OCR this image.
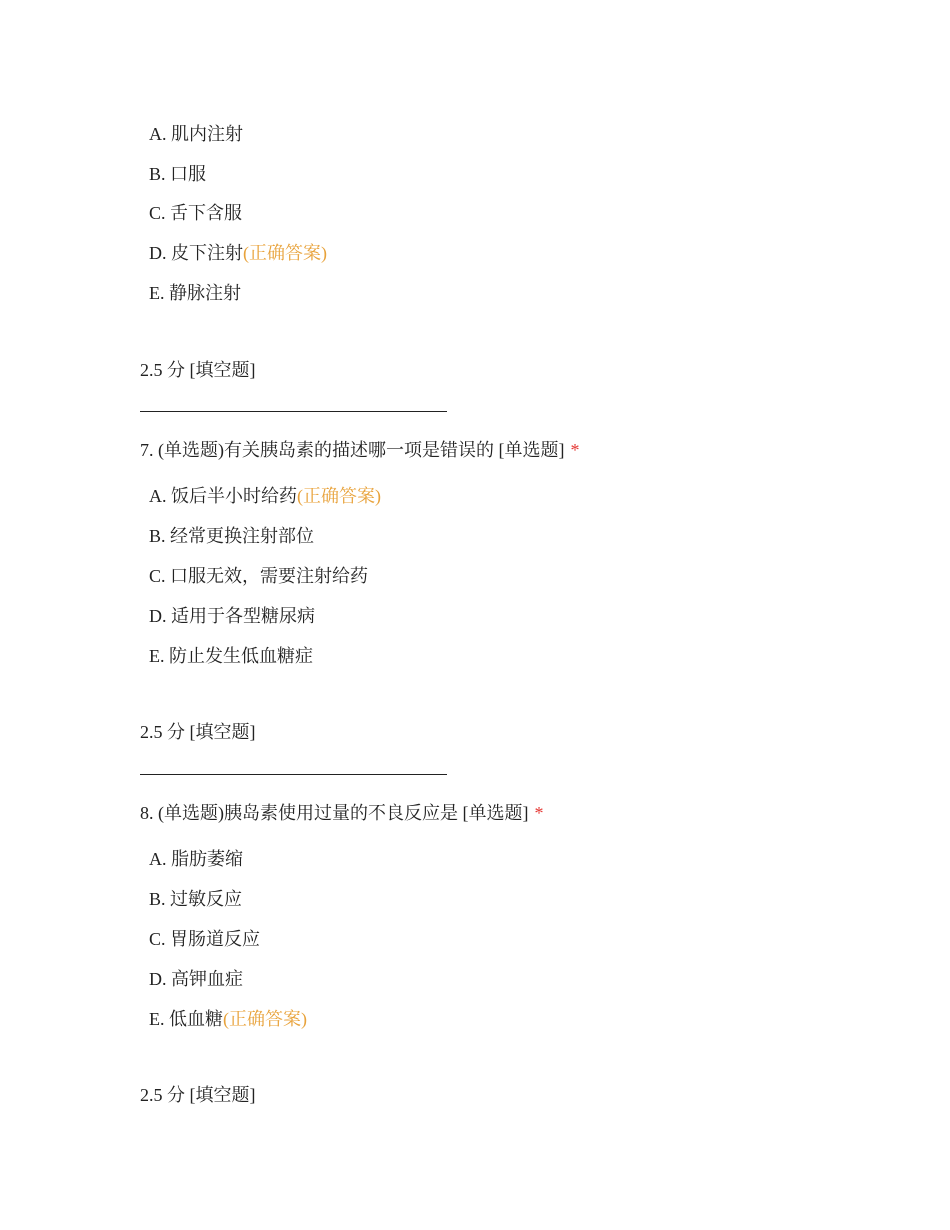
A. 肌内注射
B. 口服
C. 舌下含服
D. 皮下注射(正确答案)
E. 静脉注射
2.5 分 [填空题]
7. (单选题)有关胰岛素的描述哪一项是错误的 [单选题] *
A. 饭后半小时给药(正确答案)
B. 经常更换注射部位
C. 口服无效，需要注射给药
D. 适用于各型糖尿病
E. 防止发生低血糖症
2.5 分 [填空题]
8. (单选题)胰岛素使用过量的不良反应是 [单选题] *
A. 脂肪萎缩
B. 过敏反应
C. 胃肠道反应
D. 高钾血症
E. 低血糖(正确答案)
2.5 分 [填空题]
